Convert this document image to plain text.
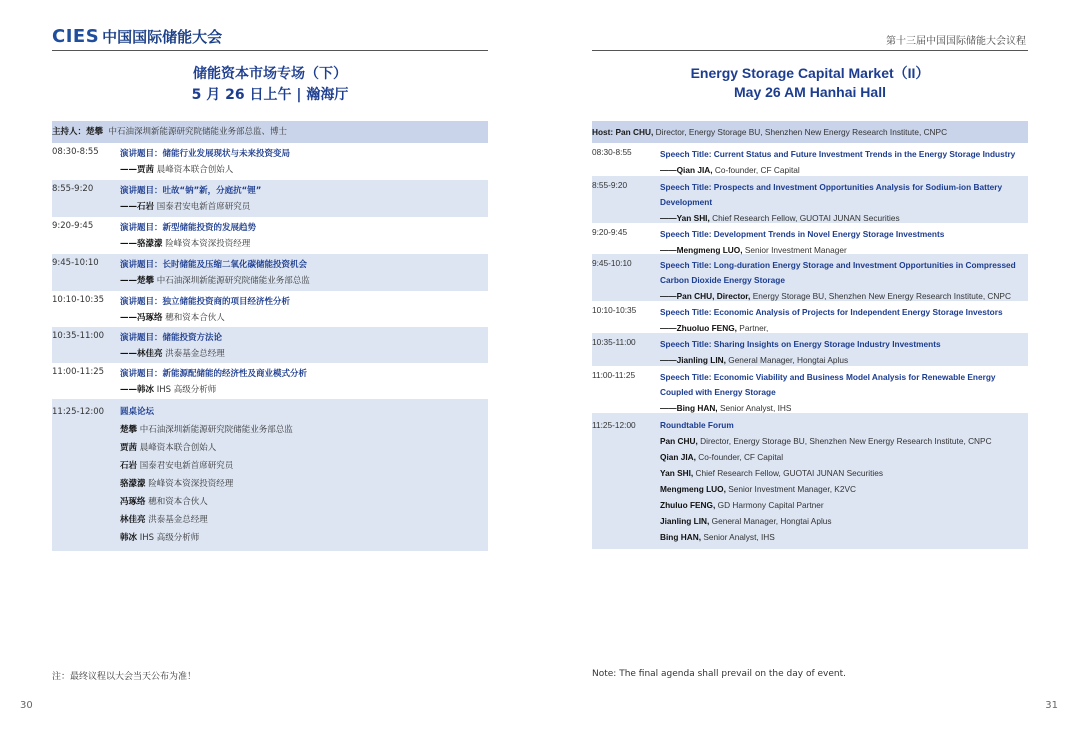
CIES 中国国际储能大会
储能资本市场专场（下）
5 月 26 日上午 | 瀚海厅
主持人：楚攀 中石油深圳新能源研究院储能业务部总监、博士
08:30-8:55	演讲题目：储能行业发展现状与未来投资变局
——贾茜 晨峰资本联合创始人
8:55-9:20	演讲题目：吐故“钠”新，分庭抗“锂”
——石岩 国泰君安电新首席研究员
9:20-9:45	演讲题目：新型储能投资的发展趋势
——骆濛濛 险峰资本资深投资经理
9:45-10:10	演讲题目：长时储能及压缩二氧化碳储能投资机会
——楚攀 中石油深圳新能源研究院储能业务部总监
10:10-10:35 演讲题目：独立储能投资商的项目经济性分析
——冯琢络 穗和资本合伙人
10:35-11:00 演讲题目：储能投资方法论
——林佳亮 洪泰基金总经理
11:00-11:25 演讲题目：新能源配储能的经济性及商业模式分析
——韩冰 IHS 高级分析师
11:25-12:00 圆桌论坛
楚攀 中石油深圳新能源研究院储能业务部总监
贾茜 晨峰资本联合创始人
石岩 国泰君安电新首席研究员
骆濛濛 险峰资本资深投资经理
冯琢络 穗和资本合伙人
林佳亮 洪泰基金总经理
韩冰 IHS 高级分析师
注：最终议程以大会当天公布为准！
30
第十三届中国国际储能大会议程
Energy Storage Capital Market（II）
May 26 AM Hanhai Hall
Host: Pan CHU, Director, Energy Storage BU, Shenzhen New Energy Research Institute, CNPC
08:30-8:55	Speech Title: Current Status and Future Investment Trends in the Energy Storage Industry
——Qian JIA, Co-founder, CF Capital
8:55-9:20	Speech Title: Prospects and Investment Opportunities Analysis for Sodium-ion Battery Development
——Yan SHI, Chief Research Fellow, GUOTAI JUNAN Securities
9:20-9:45	Speech Title: Development Trends in Novel Energy Storage Investments
——Mengmeng LUO, Senior Investment Manager
9:45-10:10	Speech Title: Long-duration Energy Storage and Investment Opportunities in Compressed Carbon Dioxide Energy Storage
——Pan CHU, Director, Energy Storage BU, Shenzhen New Energy Research Institute, CNPC
10:10-10:35	Speech Title: Economic Analysis of Projects for Independent Energy Storage Investors
——Zhuoluo FENG, Partner,
10:35-11:00	Speech Title: Sharing Insights on Energy Storage Industry Investments
——Jianling LIN, General Manager, Hongtai Aplus
11:00-11:25	Speech Title: Economic Viability and Business Model Analysis for Renewable Energy Coupled with Energy Storage
——Bing HAN, Senior Analyst, IHS
11:25-12:00	Roundtable Forum
Pan CHU, Director, Energy Storage BU, Shenzhen New Energy Research Institute, CNPC
Qian JIA, Co-founder, CF Capital
Yan SHI, Chief Research Fellow, GUOTAI JUNAN Securities
Mengmeng LUO, Senior Investment Manager, K2VC
Zhuluo FENG, GD Harmony Capital Partner
Jianling LIN, General Manager, Hongtai Aplus
Bing HAN, Senior Analyst, IHS
Note: The final agenda shall prevail on the day of event.
31
